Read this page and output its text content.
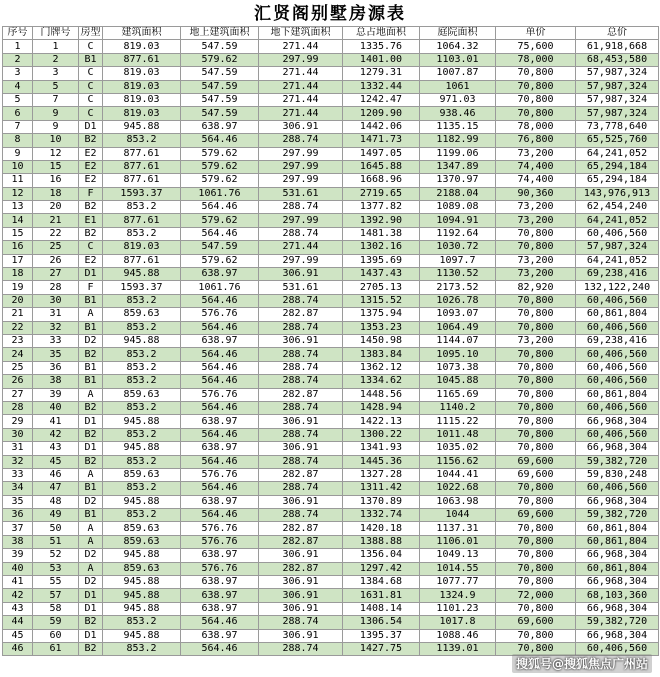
汇贤阁别墅房源表
序号	门牌号	房型	建筑面积	地上建筑面积	地下建筑面积	总占地面积	庭院面积	单价	总价
1	1	C	819.03	547.59	271.44	1335.76	1064.32	75,600	61,918,668
2	2	B1	877.61	579.62	297.99	1401.00	1103.01	78,000	68,453,580
3	3	C	819.03	547.59	271.44	1279.31	1007.87	70,800	57,987,324
4	5	C	819.03	547.59	271.44	1332.44	1061	70,800	57,987,324
5	7	C	819.03	547.59	271.44	1242.47	971.03	70,800	57,987,324
6	9	C	819.03	547.59	271.44	1209.90	938.46	70,800	57,987,324
7	9	D1	945.88	638.97	306.91	1442.06	1135.15	78,000	73,778,640
8	10	B2	853.2	564.46	288.74	1471.73	1182.99	76,800	65,525,760
9	12	E2	877.61	579.62	297.99	1497.05	1199.06	73,200	64,241,052
10	15	E2	877.61	579.62	297.99	1645.88	1347.89	74,400	65,294,184
11	16	E2	877.61	579.62	297.99	1668.96	1370.97	74,400	65,294,184
12	18	F	1593.37	1061.76	531.61	2719.65	2188.04	90,360	143,976,913
13	20	B2	853.2	564.46	288.74	1377.82	1089.08	73,200	62,454,240
14	21	E1	877.61	579.62	297.99	1392.90	1094.91	73,200	64,241,052
15	22	B2	853.2	564.46	288.74	1481.38	1192.64	70,800	60,406,560
16	25	C	819.03	547.59	271.44	1302.16	1030.72	70,800	57,987,324
17	26	E2	877.61	579.62	297.99	1395.69	1097.7	73,200	64,241,052
18	27	D1	945.88	638.97	306.91	1437.43	1130.52	73,200	69,238,416
19	28	F	1593.37	1061.76	531.61	2705.13	2173.52	82,920	132,122,240
20	30	B1	853.2	564.46	288.74	1315.52	1026.78	70,800	60,406,560
21	31	A	859.63	576.76	282.87	1375.94	1093.07	70,800	60,861,804
22	32	B1	853.2	564.46	288.74	1353.23	1064.49	70,800	60,406,560
23	33	D2	945.88	638.97	306.91	1450.98	1144.07	73,200	69,238,416
24	35	B2	853.2	564.46	288.74	1383.84	1095.10	70,800	60,406,560
25	36	B1	853.2	564.46	288.74	1362.12	1073.38	70,800	60,406,560
26	38	B1	853.2	564.46	288.74	1334.62	1045.88	70,800	60,406,560
27	39	A	859.63	576.76	282.87	1448.56	1165.69	70,800	60,861,804
28	40	B2	853.2	564.46	288.74	1428.94	1140.2	70,800	60,406,560
29	41	D1	945.88	638.97	306.91	1422.13	1115.22	70,800	66,968,304
30	42	B2	853.2	564.46	288.74	1300.22	1011.48	70,800	60,406,560
31	43	D1	945.88	638.97	306.91	1341.93	1035.02	70,800	66,968,304
32	45	B2	853.2	564.46	288.74	1445.36	1156.62	69,600	59,382,720
33	46	A	859.63	576.76	282.87	1327.28	1044.41	69,600	59,830,248
34	47	B1	853.2	564.46	288.74	1311.42	1022.68	70,800	60,406,560
35	48	D2	945.88	638.97	306.91	1370.89	1063.98	70,800	66,968,304
36	49	B1	853.2	564.46	288.74	1332.74	1044	69,600	59,382,720
37	50	A	859.63	576.76	282.87	1420.18	1137.31	70,800	60,861,804
38	51	A	859.63	576.76	282.87	1388.88	1106.01	70,800	60,861,804
39	52	D2	945.88	638.97	306.91	1356.04	1049.13	70,800	66,968,304
40	53	A	859.63	576.76	282.87	1297.42	1014.55	70,800	60,861,804
41	55	D2	945.88	638.97	306.91	1384.68	1077.77	70,800	66,968,304
42	57	D1	945.88	638.97	306.91	1631.81	1324.9	72,000	68,103,360
43	58	D1	945.88	638.97	306.91	1408.14	1101.23	70,800	66,968,304
44	59	B2	853.2	564.46	288.74	1306.54	1017.8	69,600	59,382,720
45	60	D1	945.88	638.97	306.91	1395.37	1088.46	70,800	66,968,304
46	61	B2	853.2	564.46	288.74	1427.75	1139.01	70,800	60,406,560
搜狐号@搜狐焦点广州站
